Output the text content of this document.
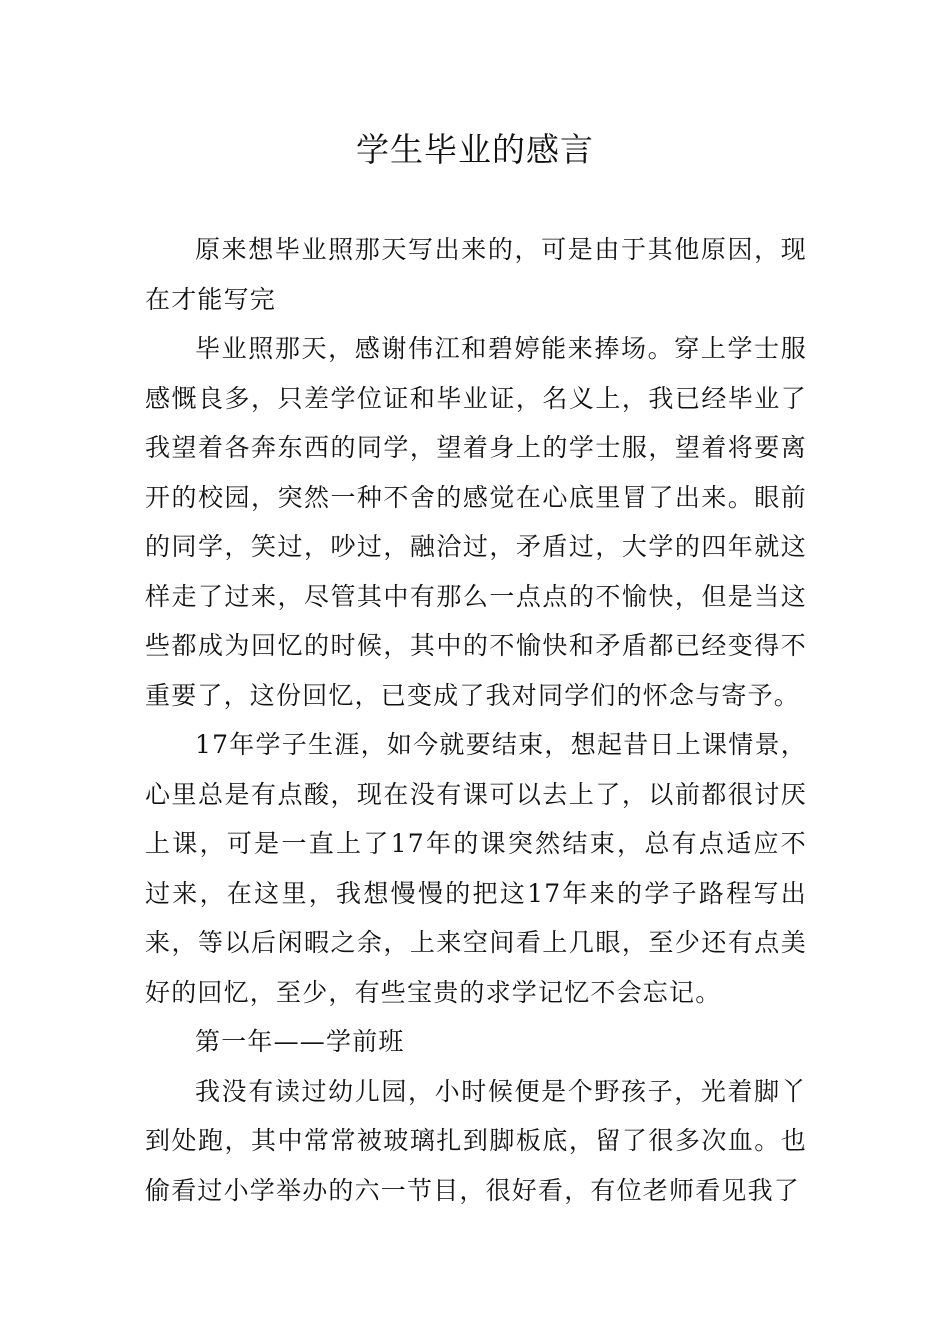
学生毕业的感言

原来想毕业照那天写出来的，可是由于其他原因，现在才能写完

毕业照那天，感谢伟江和碧婷能来捧场。穿上学士服感慨良多，只差学位证和毕业证，名义上，我已经毕业了我望着各奔东西的同学，望着身上的学士服，望着将要离开的校园，突然一种不舍的感觉在心底里冒了出来。眼前的同学，笑过，吵过，融洽过，矛盾过，大学的四年就这样走了过来，尽管其中有那么一点点的不愉快，但是当这些都成为回忆的时候，其中的不愉快和矛盾都已经变得不重要了，这份回忆，已变成了我对同学们的怀念与寄予。

17年学子生涯，如今就要结束，想起昔日上课情景，心里总是有点酸，现在没有课可以去上了，以前都很讨厌上课，可是一直上了17年的课突然结束，总有点适应不过来，在这里，我想慢慢的把这17年来的学子路程写出来，等以后闲暇之余，上来空间看上几眼，至少还有点美好的回忆，至少，有些宝贵的求学记忆不会忘记。

第一年——学前班

我没有读过幼儿园，小时候便是个野孩子，光着脚丫到处跑，其中常常被玻璃扎到脚板底，留了很多次血。也偷看过小学举办的六一节目，很好看，有位老师看见我了
